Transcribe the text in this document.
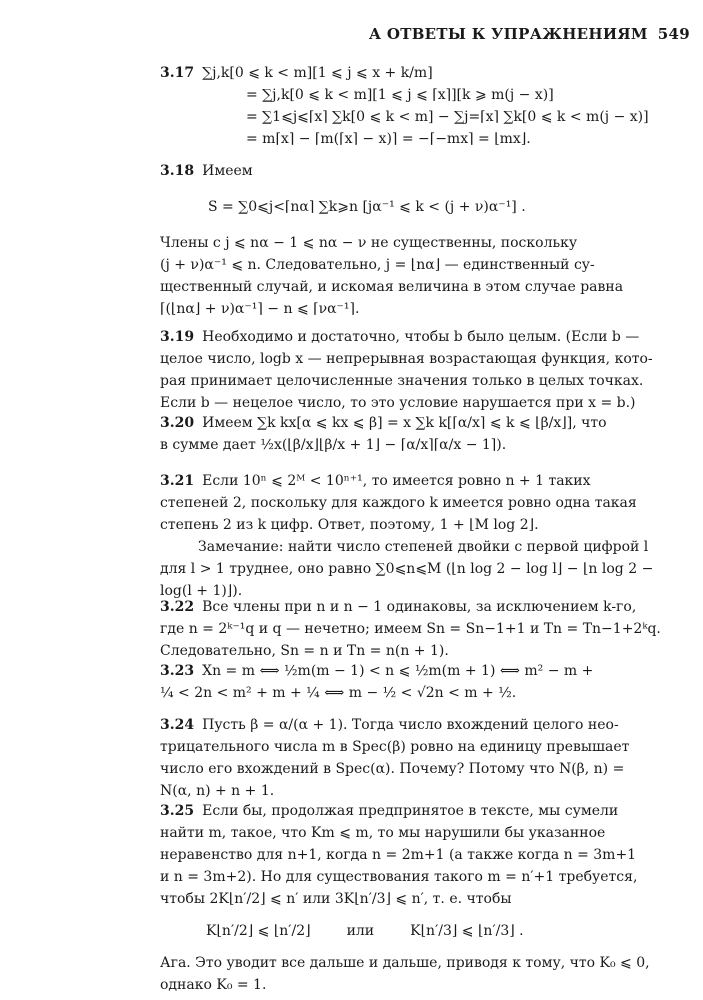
А ОТВЕТЫ К УПРАЖНЕНИЯМ 549
3.17 ∑j,k[0 ⩽ k < m][1 ⩽ j ⩽ x + k/m]
= ∑j,k[0 ⩽ k < m][1 ⩽ j ⩽ ⌈x⌉][k ⩾ m(j − x)]
= ∑1⩽j⩽⌈x⌉ ∑k[0 ⩽ k < m] − ∑j=⌈x⌉ ∑k[0 ⩽ k < m(j − x)]
= m⌈x⌉ − ⌈m(⌈x⌉ − x)⌉ = −⌈−mx⌉ = ⌊mx⌋.
3.18 Имеем
S = ∑0⩽j<⌈nα⌉ ∑k⩾n [jα⁻¹ ⩽ k < (j + ν)α⁻¹] .
Члены с j ⩽ nα − 1 ⩽ nα − ν не существенны, поскольку
(j + ν)α⁻¹ ⩽ n. Следовательно, j = ⌊nα⌋ — единственный су-
щественный случай, и искомая величина в этом случае равна
⌈(⌊nα⌋ + ν)α⁻¹⌉ − n ⩽ ⌈να⁻¹⌉.
3.19 Необходимо и достаточно, чтобы b было целым. (Если b —
целое число, logb x — непрерывная возрастающая функция, кото-
рая принимает целочисленные значения только в целых точках.
Если b — нецелое число, то это условие нарушается при x = b.)
3.20 Имеем ∑k kx[α ⩽ kx ⩽ β] = x ∑k k[⌈α/x⌉ ⩽ k ⩽ ⌊β/x⌋], что
в сумме дает ½x(⌊β/x⌋⌊β/x + 1⌋ − ⌈α/x⌉⌈α/x − 1⌉).
3.21 Если 10ⁿ ⩽ 2ᴹ < 10ⁿ⁺¹, то имеется ровно n + 1 таких
степеней 2, поскольку для каждого k имеется ровно одна такая
степень 2 из k цифр. Ответ, поэтому, 1 + ⌊M log 2⌋.
Замечание: найти число степеней двойки с первой цифрой l
для l > 1 труднее, оно равно ∑0⩽n⩽M (⌊n log 2 − log l⌋ − ⌊n log 2 −
log(l + 1)⌋).
3.22 Все члены при n и n − 1 одинаковы, за исключением k-го,
где n = 2ᵏ⁻¹q и q — нечетно; имеем Sn = Sn−1+1 и Tn = Tn−1+2ᵏq.
Следовательно, Sn = n и Tn = n(n + 1).
3.23 Xn = m ⟺ ½m(m − 1) < n ⩽ ½m(m + 1) ⟺ m² − m +
¼ < 2n < m² + m + ¼ ⟺ m − ½ < √2n < m + ½.
3.24 Пусть β = α/(α + 1). Тогда число вхождений целого нео-
трицательного числа m в Spec(β) ровно на единицу превышает
число его вхождений в Spec(α). Почему? Потому что N(β, n) =
N(α, n) + n + 1.
3.25 Если бы, продолжая предпринятое в тексте, мы сумели
найти m, такое, что Km ⩽ m, то мы нарушили бы указанное
неравенство для n+1, когда n = 2m+1 (а также когда n = 3m+1
и n = 3m+2). Но для существования такого m = n′+1 требуется,
чтобы 2K⌊n′/2⌋ ⩽ n′ или 3K⌊n′/3⌋ ⩽ n′, т. е. чтобы
K⌊n′/2⌋ ⩽ ⌊n′/2⌋	или	K⌊n′/3⌋ ⩽ ⌊n′/3⌋ .
Ага. Это уводит все дальше и дальше, приводя к тому, что K₀ ⩽ 0,
однако K₀ = 1.
